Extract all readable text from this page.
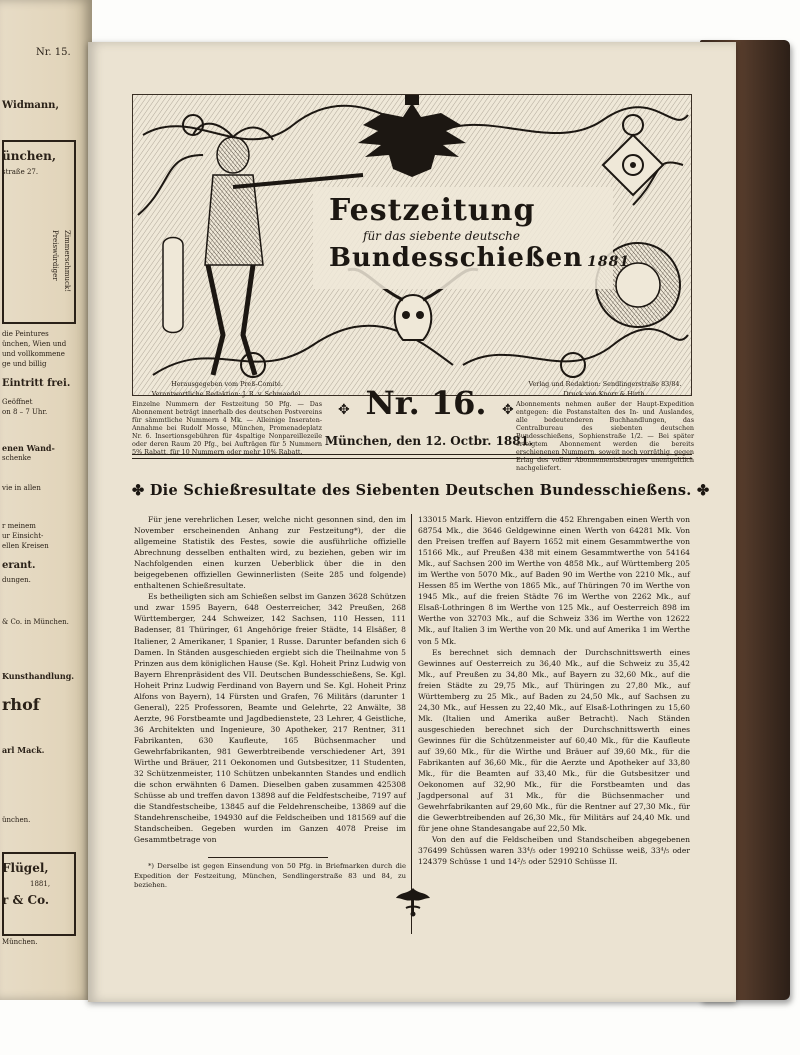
Nr. 15.
Widmann,
ünchen,
straße 27.
Preiswürdiger Zimmerschmuck!
die Peintures
ünchen, Wien und
und vollkommene
ge und billig
Eintritt frei.
Geöffnet
on 8 – 7 Uhr.
enen Wand-
schenke
vie in allen
r meinem
ur Einsicht-
ellen Kreisen
erant.
dungen.
& Co. in München.
Kunsthandlung.
rhof
arl Mack.
ünchen.
Flügel,
1881,
r & Co.
München.
Festzeitung
für das siebente deutsche
Bundesschießen 1881

Herausgegeben vom Preß-Comité.

Verantwortliche Redaktion: J. R. v. Schmaedel.

Einzelne Nummern der Festzeitung 50 Pfg. — Das Abonnement beträgt innerhalb des deutschen Postvereins für sämmtliche Nummern 4 Mk. — Alleinige Inseraten-Annahme bei Rudolf Mosse, München, Promenadeplatz Nr. 6. Insertionsgebühren für 4spaltige Nonpareillezeile oder deren Raum 20 Pfg., bei Aufträgen für 5 Nummern 5% Rabatt, für 10 Nummern oder mehr 10% Rabatt.

✥ Nr. 16.	✥
München, den 12. Octbr. 1881.

Verlag und Redaktion: Sendlingerstraße 83/84.

Druck von Knorr & Hirth.

Abonnements nehmen außer der Haupt-Expedition entgegen: die Postanstalten des In- und Auslandes, alle bedeutenderen Buchhandlungen, das Centralbureau des siebenten deutschen Bundesschießens, Sophienstraße 1/2. — Bei später erfolgtem Abonnement werden die bereits erschienenen Nummern, soweit noch vorräthig, gegen Erlag des vollen Abonnementsbetrages unentgeltlich nachgeliefert.

✤ Die Schießresultate des Siebenten Deutschen Bundesschießens. ✤

Für jene verehrlichen Leser, welche nicht gesonnen sind, den im November erscheinenden Anhang zur Festzeitung*), der die allgemeine Statistik des Festes, sowie die ausführliche offizielle Abrechnung desselben enthalten wird, zu beziehen, geben wir im Nachfolgenden einen kurzen Ueberblick über die in den beigegebenen offiziellen Gewinnerlisten (Seite 285 und folgende) enthaltenen Schießresultate.

Es betheiligten sich am Schießen selbst im Ganzen 3628 Schützen und zwar 1595 Bayern, 648 Oesterreicher, 342 Preußen, 268 Württemberger, 244 Schweizer, 142 Sachsen, 110 Hessen, 111 Badenser, 81 Thüringer, 61 Angehörige freier Städte, 14 Elsäßer, 8 Italiener, 2 Amerikaner, 1 Spanier, 1 Russe. Darunter befanden sich 6 Damen. In Ständen ausgeschieden ergiebt sich die Theilnahme von 5 Prinzen aus dem königlichen Hause (Se. Kgl. Hoheit Prinz Ludwig von Bayern Ehrenpräsident des VII. Deutschen Bundesschießens, Se. Kgl. Hoheit Prinz Ludwig Ferdinand von Bayern und Se. Kgl. Hoheit Prinz Alfons von Bayern), 14 Fürsten und Grafen, 76 Militärs (darunter 1 General), 225 Professoren, Beamte und Gelehrte, 22 Anwälte, 38 Aerzte, 96 Forstbeamte und Jagdbedienstete, 23 Lehrer, 4 Geistliche, 36 Architekten und Ingenieure, 30 Apotheker, 217 Rentner, 311 Fabrikanten, 630 Kaufleute, 165 Büchsenmacher und Gewehrfabrikanten, 981 Gewerbtreibende verschiedener Art, 391 Wirthe und Bräuer, 211 Oekonomen und Gutsbesitzer, 11 Studenten, 32 Schützenmeister, 110 Schützen unbekannten Standes und endlich die schon erwähnten 6 Damen. Dieselben gaben zusammen 425308 Schüsse ab und treffen davon 13898 auf die Feldfestscheibe, 7197 auf die Standfestscheibe, 13845 auf die Feldehrenscheibe, 13869 auf die Standehrenscheibe, 194930 auf die Feldscheiben und 181569 auf die Standscheiben. Gegeben wurden im Ganzen 4078 Preise im Gesammtbetrage von

133015 Mark. Hievon entziffern die 452 Ehrengaben einen Werth von 68754 Mk., die 3646 Geldgewinne einen Werth von 64281 Mk. Von den Preisen treffen auf Bayern 1652 mit einem Gesammtwerthe von 15166 Mk., auf Preußen 438 mit einem Gesammtwerthe von 54164 Mk., auf Sachsen 200 im Werthe von 4858 Mk., auf Württemberg 205 im Werthe von 5070 Mk., auf Baden 90 im Werthe von 2210 Mk., auf Hessen 85 im Werthe von 1865 Mk., auf Thüringen 70 im Werthe von 1945 Mk., auf die freien Städte 76 im Werthe von 2262 Mk., auf Elsaß-Lothringen 8 im Werthe von 125 Mk., auf Oesterreich 898 im Werthe von 32703 Mk., auf die Schweiz 336 im Werthe von 12622 Mk., auf Italien 3 im Werthe von 20 Mk. und auf Amerika 1 im Werthe von 5 Mk.

Es berechnet sich demnach der Durchschnittswerth eines Gewinnes auf Oesterreich zu 36,40 Mk., auf die Schweiz zu 35,42 Mk., auf Preußen zu 34,80 Mk., auf Bayern zu 32,60 Mk., auf die freien Städte zu 29,75 Mk., auf Thüringen zu 27,80 Mk., auf Württemberg zu 25 Mk., auf Baden zu 24,50 Mk., auf Sachsen zu 24,30 Mk., auf Hessen zu 22,40 Mk., auf Elsaß-Lothringen zu 15,60 Mk. (Italien und Amerika außer Betracht). Nach Ständen ausgeschieden berechnet sich der Durchschnittswerth eines Gewinnes für die Schützenmeister auf 60,40 Mk., für die Kaufleute auf 39,60 Mk., für die Wirthe und Bräuer auf 39,60 Mk., für die Fabrikanten auf 36,60 Mk., für die Aerzte und Apotheker auf 33,80 Mk., für die Beamten auf 33,40 Mk., für die Gutsbesitzer und Oekonomen auf 32,90 Mk., für die Forstbeamten und das Jagdpersonal auf 31 Mk., für die Büchsenmacher und Gewehrfabrikanten auf 29,60 Mk., für die Rentner auf 27,30 Mk., für die Gewerbtreibenden auf 26,30 Mk., für Militärs auf 24,40 Mk. und für jene ohne Standesangabe auf 22,50 Mk.

Von den auf die Feldscheiben und Standscheiben abgegebenen 376499 Schüssen waren 33⁴/₅ oder 199210 Schüsse weiß, 33⁴/₅ oder 124379 Schüsse 1 und 14²/₅ oder 52910 Schüsse II.

*) Derselbe ist gegen Einsendung von 50 Pfg. in Briefmarken durch die Expedition der Festzeitung, München, Sendlingerstraße 83 und 84, zu beziehen.
